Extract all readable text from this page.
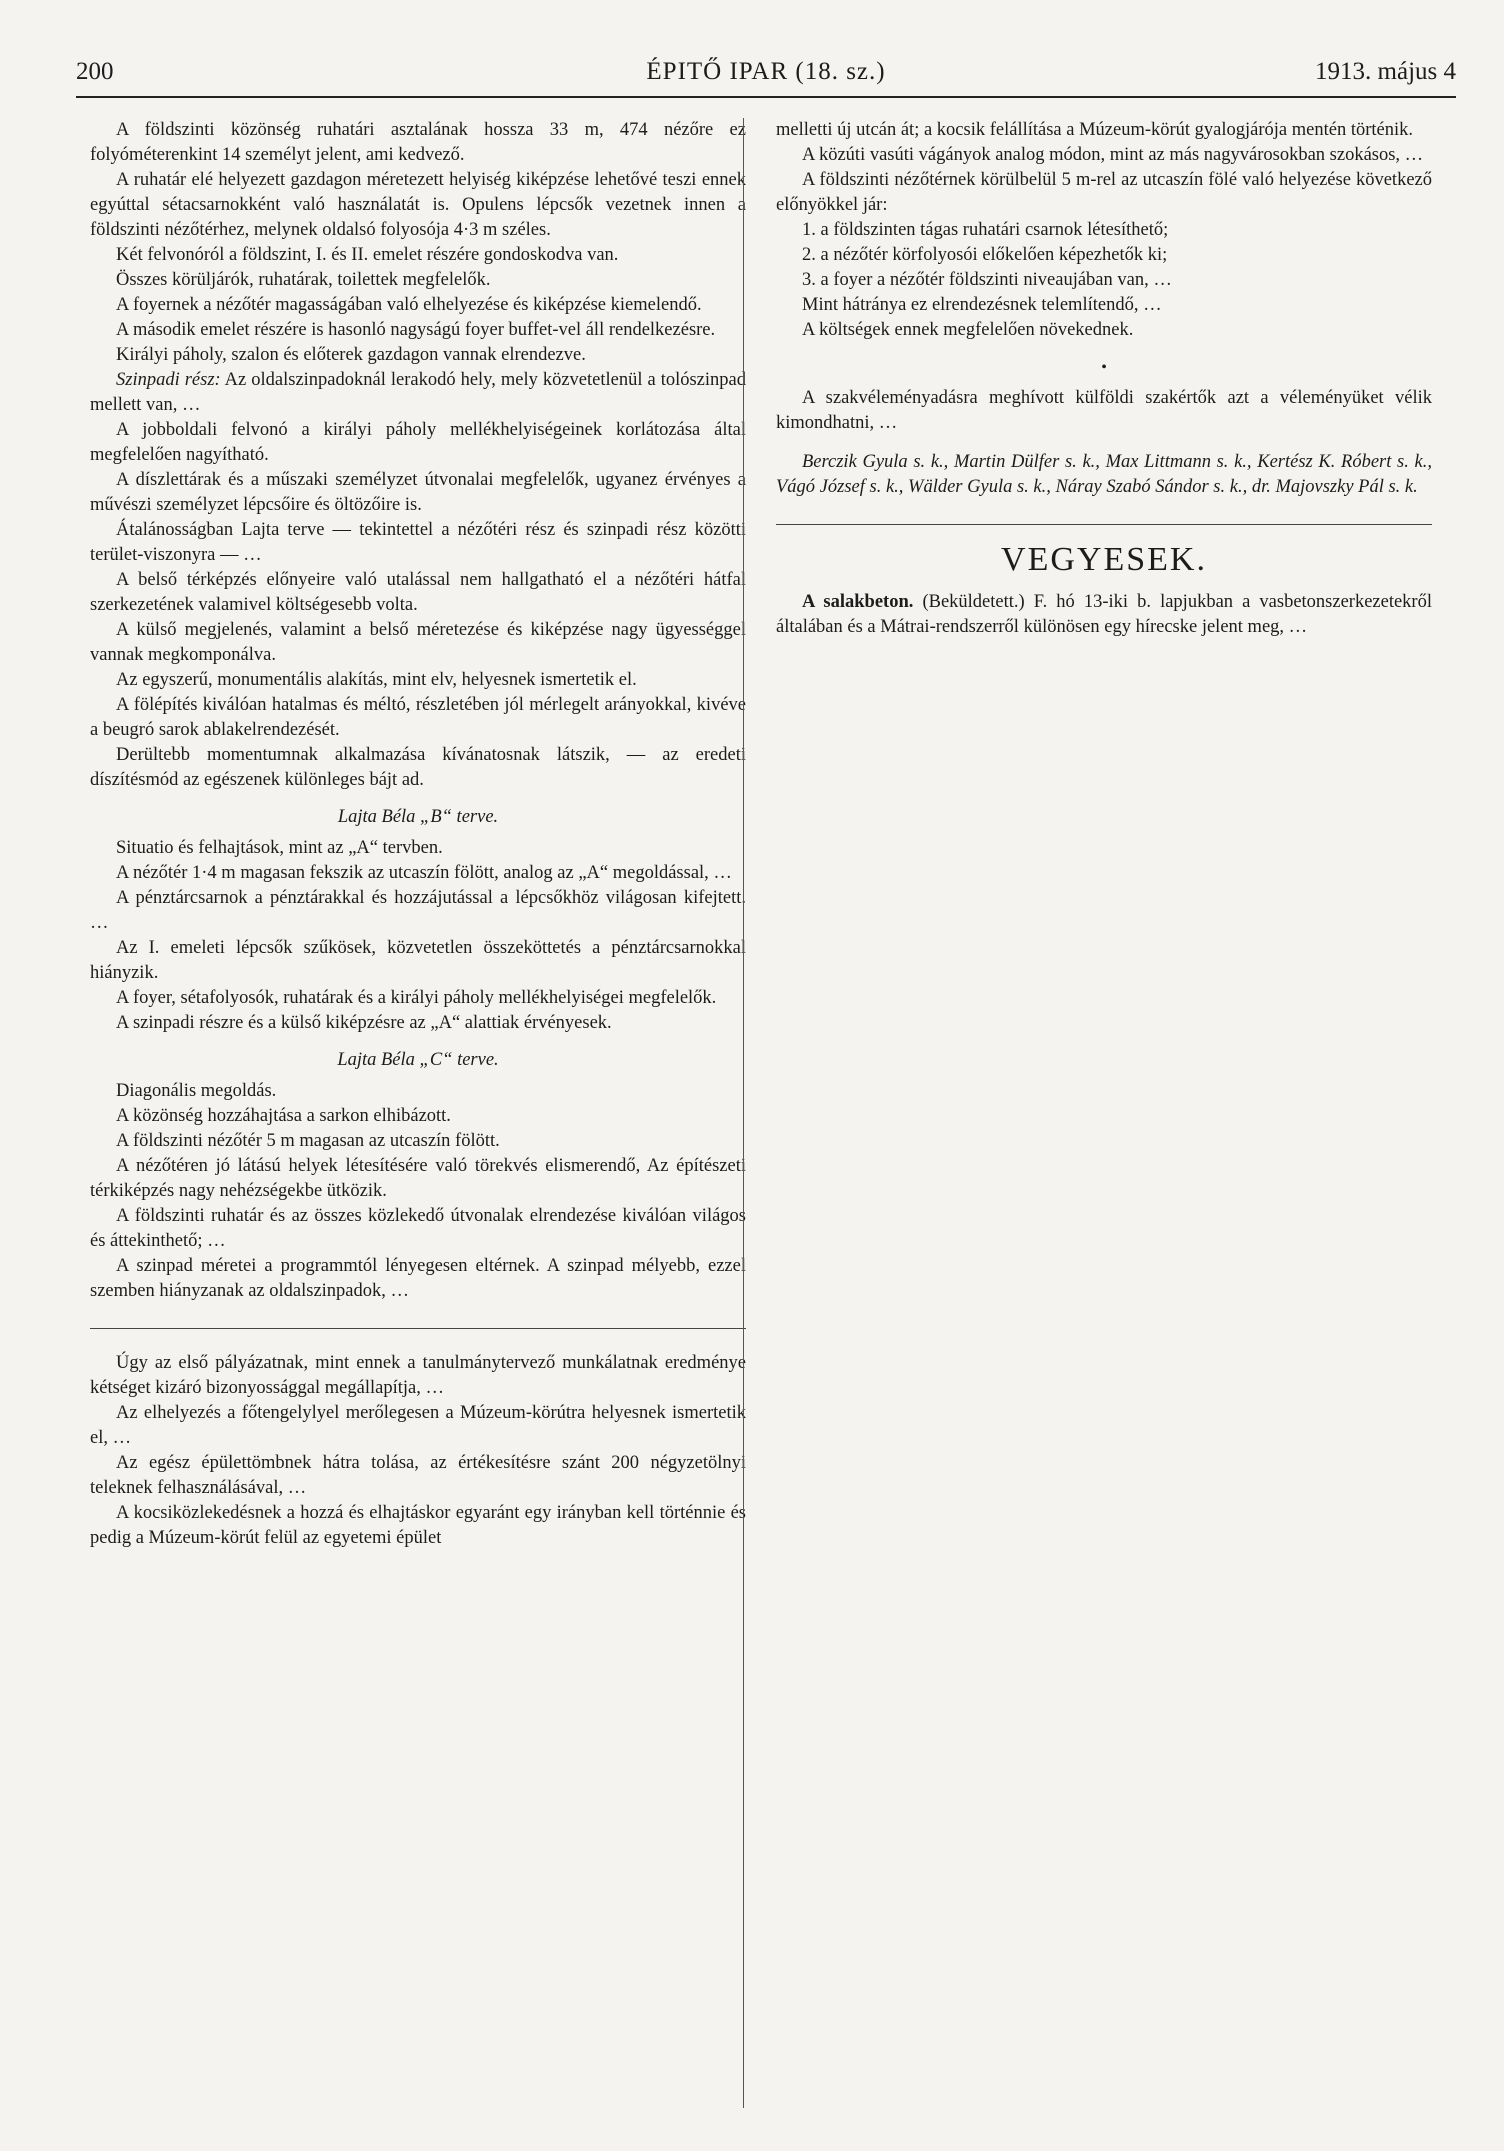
200	ÉPITŐ IPAR (18. sz.)	1913. május 4

A földszinti közönség ruhatári asztalának hossza 33 m, 474 nézőre ez folyóméterenkint 14 személyt jelent, ami kedvező.

A ruhatár elé helyezett gazdagon méretezett helyiség kiképzése lehetővé teszi ennek egyúttal sétacsarnokként való használatát is. Opulens lépcsők vezetnek innen a földszinti nézőtérhez, melynek oldalsó folyosója 4·3 m széles.

Két felvonóról a földszint, I. és II. emelet részére gondoskodva van.

Összes körüljárók, ruhatárak, toilettek megfelelők.

A foyernek a nézőtér magasságában való elhelyezése és kiképzése kiemelendő.

A második emelet részére is hasonló nagyságú foyer buffet-vel áll rendelkezésre.

Királyi páholy, szalon és előterek gazdagon vannak elrendezve.

Szinpadi rész: Az oldalszinpadoknál lerakodó hely, mely közvetetlenül a tolószinpad mellett van, …

A jobboldali felvonó a királyi páholy mellékhelyiségeinek korlátozása által megfelelően nagyítható.

A díszlettárak és a műszaki személyzet útvonalai megfelelők, ugyanez érvényes a művészi személyzet lépcsőire és öltözőire is.

Átalánosságban Lajta terve — tekintettel a nézőtéri rész és szinpadi rész közötti terület-viszonyra — …

A belső térképzés előnyeire való utalással nem hallgatható el a nézőtéri hátfal szerkezetének valamivel költségesebb volta.

A külső megjelenés, valamint a belső méretezése és kiképzése nagy ügyességgel vannak megkomponálva.

Az egyszerű, monumentális alakítás, mint elv, helyesnek ismertetik el.

A fölépítés kiválóan hatalmas és méltó, részletében jól mérlegelt arányokkal, kivéve a beugró sarok ablakelrendezését.

Derültebb momentumnak alkalmazása kívánatosnak látszik, — az eredeti díszítésmód az egészenek különleges bájt ad.

Lajta Béla „B“ terve.

Situatio és felhajtások, mint az „A“ tervben.

A nézőtér 1·4 m magasan fekszik az utcaszín fölött, analog az „A“ megoldással, …

A pénztárcsarnok a pénztárakkal és hozzájutással a lépcsőkhöz világosan kifejtett. …

Az I. emeleti lépcsők szűkösek, közvetetlen összeköttetés a pénztárcsarnokkal hiányzik.

A foyer, sétafolyosók, ruhatárak és a királyi páholy mellékhelyiségei megfelelők.

A szinpadi részre és a külső kiképzésre az „A“ alattiak érvényesek.

Lajta Béla „C“ terve.

Diagonális megoldás.

A közönség hozzáhajtása a sarkon elhibázott.

A földszinti nézőtér 5 m magasan az utcaszín fölött.

A nézőtéren jó látású helyek létesítésére való törekvés elismerendő, Az építészeti térkiképzés nagy nehézségekbe ütközik.

A földszinti ruhatár és az összes közlekedő útvonalak elrendezése kiválóan világos és áttekinthető; …

A szinpad méretei a programmtól lényegesen eltérnek. A szinpad mélyebb, ezzel szemben hiányzanak az oldalszinpadok, …

Úgy az első pályázatnak, mint ennek a tanulmánytervező munkálatnak eredménye kétséget kizáró bizonyossággal megállapítja, …

Az elhelyezés a főtengelylyel merőlegesen a Múzeum-körútra helyesnek ismertetik el, …

Az egész épülettömbnek hátra tolása, az értékesítésre szánt 200 négyzetölnyi teleknek felhasználásával, …

A kocsiközlekedésnek a hozzá és elhajtáskor egyaránt egy irányban kell történnie és pedig a Múzeum-körút felül az egyetemi épület

melletti új utcán át; a kocsik felállítása a Múzeum-körút gyalogjárója mentén történik.

A közúti vasúti vágányok analog módon, mint az más nagyvárosokban szokásos, …

A földszinti nézőtérnek körülbelül 5 m-rel az utcaszín fölé való helyezése következő előnyökkel jár:

1. a földszinten tágas ruhatári csarnok létesíthető;

2. a nézőtér körfolyosói előkelően képezhetők ki;

3. a foyer a nézőtér földszinti niveaujában van, …

Mint hátránya ez elrendezésnek telemlítendő, …

A költségek ennek megfelelően növekednek.

•

A szakvéleményadásra meghívott külföldi szakértők azt a véleményüket vélik kimondhatni, …

Berczik Gyula s. k., Martin Dülfer s. k., Max Littmann s. k., Kertész K. Róbert s. k., Vágó József s. k., Wälder Gyula s. k., Náray Szabó Sándor s. k., dr. Majovszky Pál s. k.

VEGYESEK.

A salakbeton. (Beküldetett.) F. hó 13-iki b. lapjukban a vasbetonszerkezetekről általában és a Mátrai-rendszerről különösen egy hírecske jelent meg, …
